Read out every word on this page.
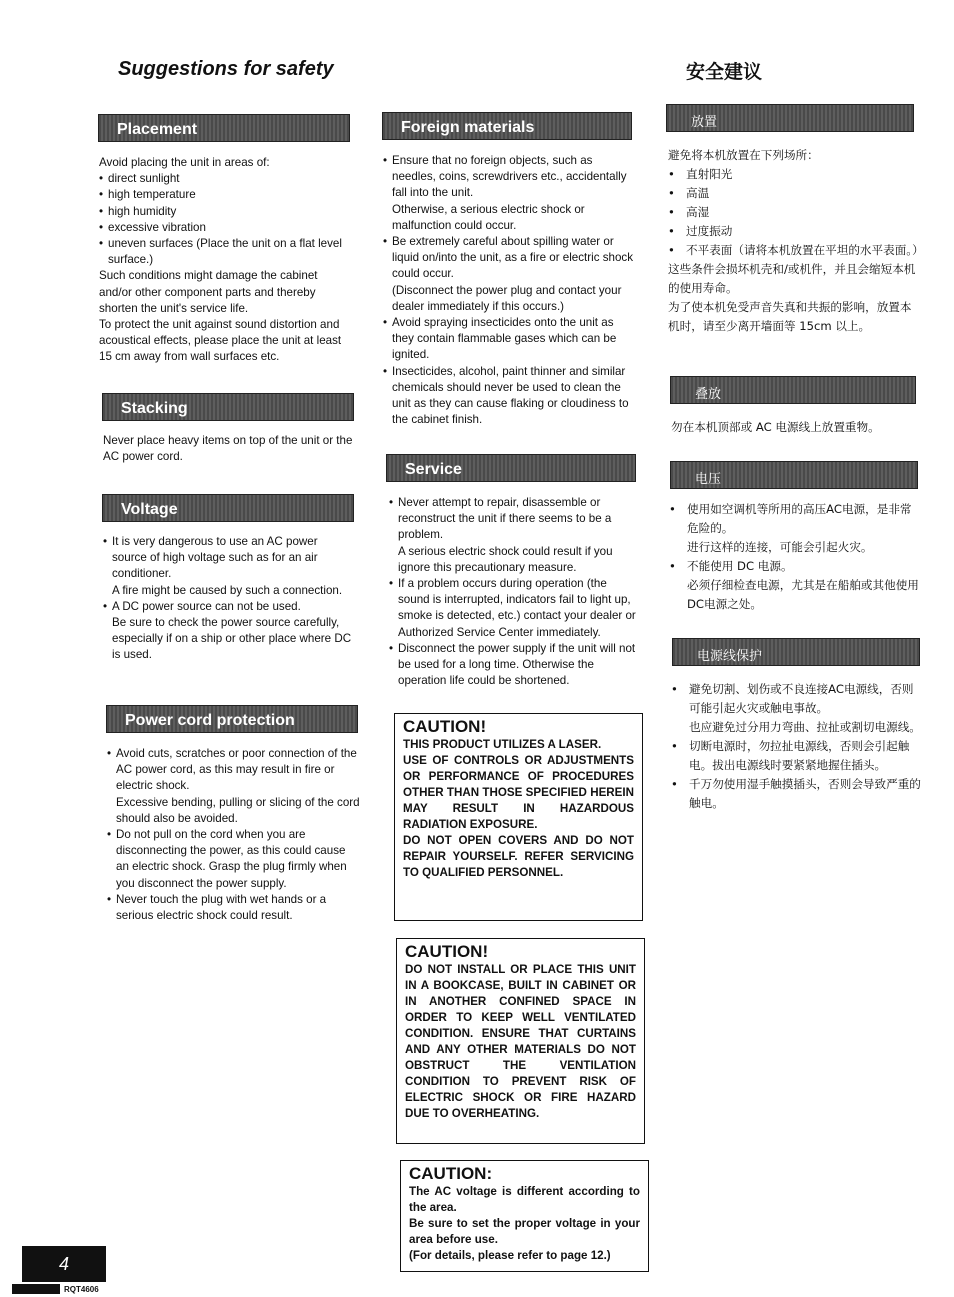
Suggestions for safety	安全建议
Placement

Avoid placing the unit in areas of:

• direct sunlight
• high temperature
• high humidity
• excessive vibration
• uneven surfaces (Place the unit on a flat level surface.)

Such conditions might damage the cabinet and/or other component parts and thereby shorten the unit's service life.

To protect the unit against sound distortion and acoustical effects, please place the unit at least 15 cm away from wall surfaces etc.

Stacking
Never place heavy items on top of the unit or the AC power cord.
Voltage
• It is very dangerous to use an AC power source of high voltage such as for an air conditioner.

A fire might be caused by such a connection.

• A DC power source can not be used.

Be sure to check the power source carefully, especially if on a ship or other place where DC is used.

Power cord protection
• Avoid cuts, scratches or poor connection of the AC power cord, as this may result in fire or electric shock.

Excessive bending, pulling or slicing of the cord should also be avoided.

• Do not pull on the cord when you are disconnecting the power, as this could cause an electric shock. Grasp the plug firmly when you disconnect the power supply.
• Never touch the plug with wet hands or a serious electric shock could result.
Foreign materials
• Ensure that no foreign objects, such as needles, coins, screwdrivers etc., accidentally fall into the unit.

Otherwise, a serious electric shock or malfunction could occur.

• Be extremely careful about spilling water or liquid on/into the unit, as a fire or electric shock could occur.

(Disconnect the power plug and contact your dealer immediately if this occurs.)

• Avoid spraying insecticides onto the unit as they contain flammable gases which can be ignited.
• Insecticides, alcohol, paint thinner and similar chemicals should never be used to clean the unit as they can cause flaking or cloudiness to the cabinet finish.
Service
• Never attempt to repair, disassemble or reconstruct the unit if there seems to be a problem.

A serious electric shock could result if you ignore this precautionary measure.

• If a problem occurs during operation (the sound is interrupted, indicators fail to light up, smoke is detected, etc.) contact your dealer or Authorized Service Center immediately.
• Disconnect the power supply if the unit will not be used for a long time. Otherwise the operation life could be shortened.
CAUTION!
THIS PRODUCT UTILIZES A LASER.
USE OF CONTROLS OR ADJUSTMENTS OR PERFORMANCE OF PROCEDURES OTHER THAN THOSE SPECIFIED HEREIN MAY RESULT IN HAZARDOUS RADIATION EXPOSURE.
DO NOT OPEN COVERS AND DO NOT REPAIR YOURSELF. REFER SERVICING TO QUALIFIED PERSONNEL.
CAUTION!
DO NOT INSTALL OR PLACE THIS UNIT IN A BOOKCASE, BUILT IN CABINET OR IN ANOTHER CONFINED SPACE IN ORDER TO KEEP WELL VENTILATED CONDITION. ENSURE THAT CURTAINS AND ANY OTHER MATERIALS DO NOT OBSTRUCT THE VENTILATION CONDITION TO PREVENT RISK OF ELECTRIC SHOCK OR FIRE HAZARD DUE TO OVERHEATING.
CAUTION:
The AC voltage is different according to the area.
Be sure to set the proper voltage in your area before use.
(For details, please refer to page 12.)
放置

避免将本机放置在下列场所：

• 直射阳光
• 高温
• 高湿
• 过度振动
• 不平表面（请将本机放置在平坦的水平表面。）

这些条件会损坏机壳和/或机件，并且会缩短本机的使用寿命。

为了使本机免受声音失真和共振的影响，放置本机时，请至少离开墙面等 15cm 以上。

叠放
勿在本机顶部或 AC 电源线上放置重物。
电压
• 使用如空调机等所用的高压AC电源，是非常危险的。

进行这样的连接，可能会引起火灾。

• 不能使用 DC 电源。

必须仔细检查电源，尤其是在船舶或其他使用DC电源之处。

电源线保护
• 避免切割、划伤或不良连接AC电源线，否则可能引起火灾或触电事故。

也应避免过分用力弯曲、拉扯或割切电源线。

• 切断电源时，勿拉扯电源线，否则会引起触电。拔出电源线时要紧紧地握住插头。
• 千万勿使用湿手触摸插头，否则会导致严重的触电。
4
RQT4606
